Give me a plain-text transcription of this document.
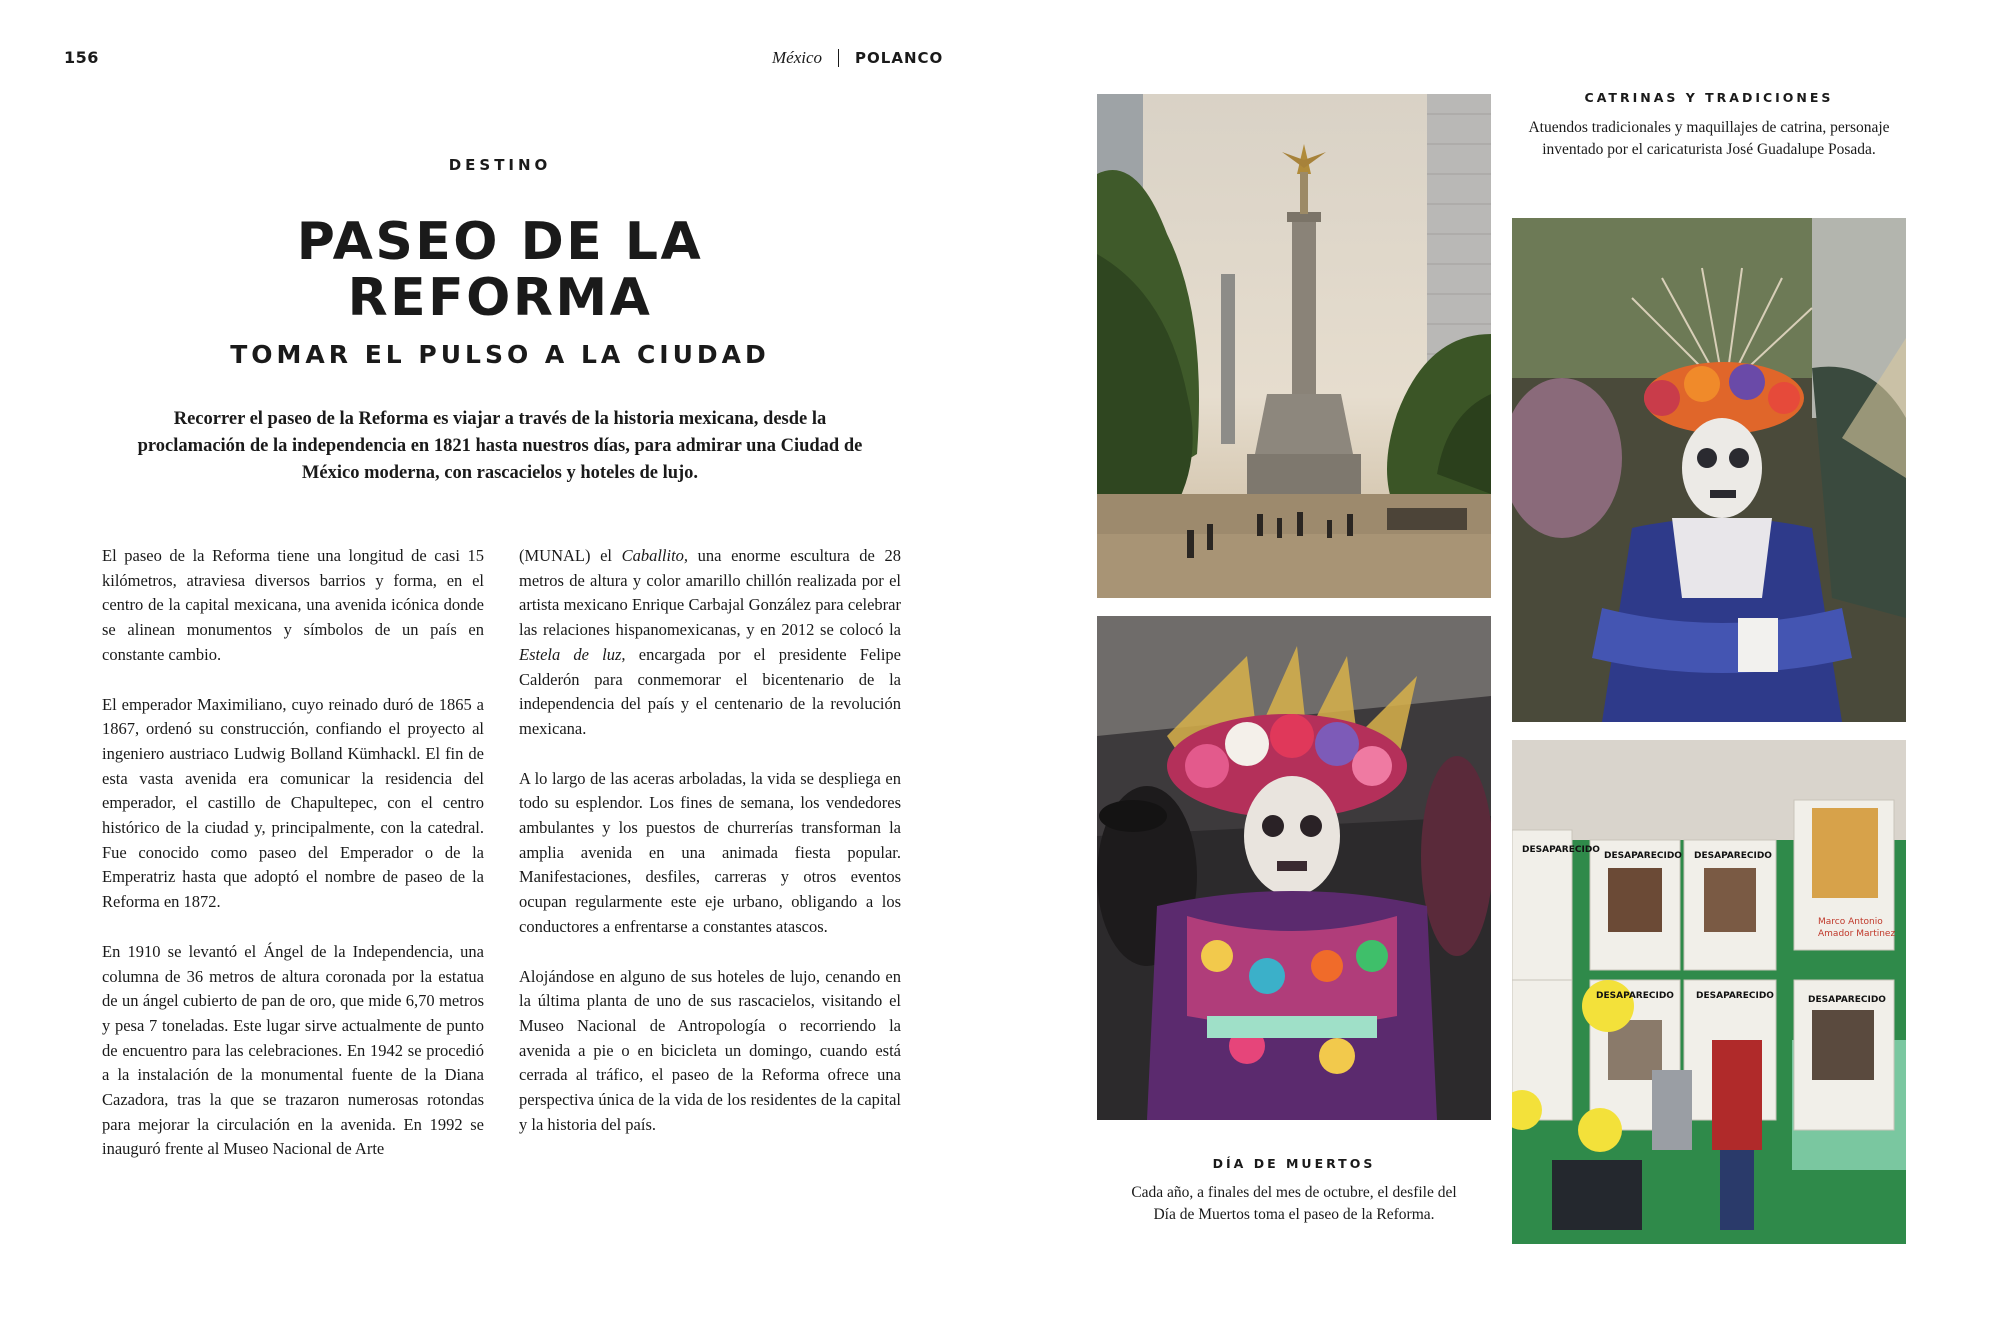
156	México POLANCO
DESTINO
PASEO DE LA
REFORMA
TOMAR EL PULSO A LA CIUDAD

Recorrer el paseo de la Reforma es viajar a través de la historia mexicana, desde la proclamación de la independencia en 1821 hasta nuestros días, para admirar una Ciudad de México moderna, con rascacielos y hoteles de lujo.

El paseo de la Reforma tiene una longitud de casi 15 kilómetros, atraviesa diversos barrios y forma, en el centro de la capital mexicana, una avenida icónica donde se alinean monumentos y símbolos de un país en constante cambio.

El emperador Maximiliano, cuyo reinado duró de 1865 a 1867, ordenó su construcción, confiando el proyecto al ingeniero austriaco Ludwig Bolland Kümhackl. El fin de esta vasta avenida era comunicar la residencia del emperador, el castillo de Chapultepec, con el centro histórico de la ciudad y, principalmente, con la catedral. Fue conocido como paseo del Emperador o de la Emperatriz hasta que adoptó el nombre de paseo de la Reforma en 1872.

En 1910 se levantó el Ángel de la Independencia, una columna de 36 metros de altura coronada por la estatua de un ángel cubierto de pan de oro, que mide 6,70 metros y pesa 7 toneladas. Este lugar sirve actualmente de punto de encuentro para las celebraciones. En 1942 se procedió a la instalación de la monumental fuente de la Diana Cazadora, tras la que se trazaron numerosas rotondas para mejorar la circulación en la avenida. En 1992 se inauguró frente al Museo Nacional de Arte

(MUNAL) el Caballito, una enorme escultura de 28 metros de altura y color amarillo chillón realizada por el artista mexicano Enrique Carbajal González para celebrar las relaciones hispanomexicanas, y en 2012 se colocó la Estela de luz, encargada por el presidente Felipe Calderón para conmemorar el bicentenario de la independencia del país y el centenario de la revolución mexicana.

A lo largo de las aceras arboladas, la vida se despliega en todo su esplendor. Los fines de semana, los vendedores ambulantes y los puestos de churrerías transforman la amplia avenida en una animada fiesta popular. Manifestaciones, desfiles, carreras y otros eventos ocupan regularmente este eje urbano, obligando a los conductores a enfrentarse a constantes atascos.

Alojándose en alguno de sus hoteles de lujo, cenando en la última planta de uno de sus rascacielos, visitando el Museo Nacional de Antropología o recorriendo la avenida a pie o en bicicleta un domingo, cuando está cerrada al tráfico, el paseo de la Reforma ofrece una perspectiva única de la vida de los residentes de la capital y la historia del país.

CATRINAS Y TRADICIONES
Atuendos tradicionales y maquillajes de catrina, personaje inventado por el caricaturista José Guadalupe Posada.
DÍA DE MUERTOS
Cada año, a finales del mes de octubre, el desfile del Día de Muertos toma el paseo de la Reforma.
DESAPARECIDO
DESAPARECIDO DESAPARECIDO
DESAPARECIDO
DESAPARECIDO DESAPARECIDO
Marco Antonio
Amador Martinez
